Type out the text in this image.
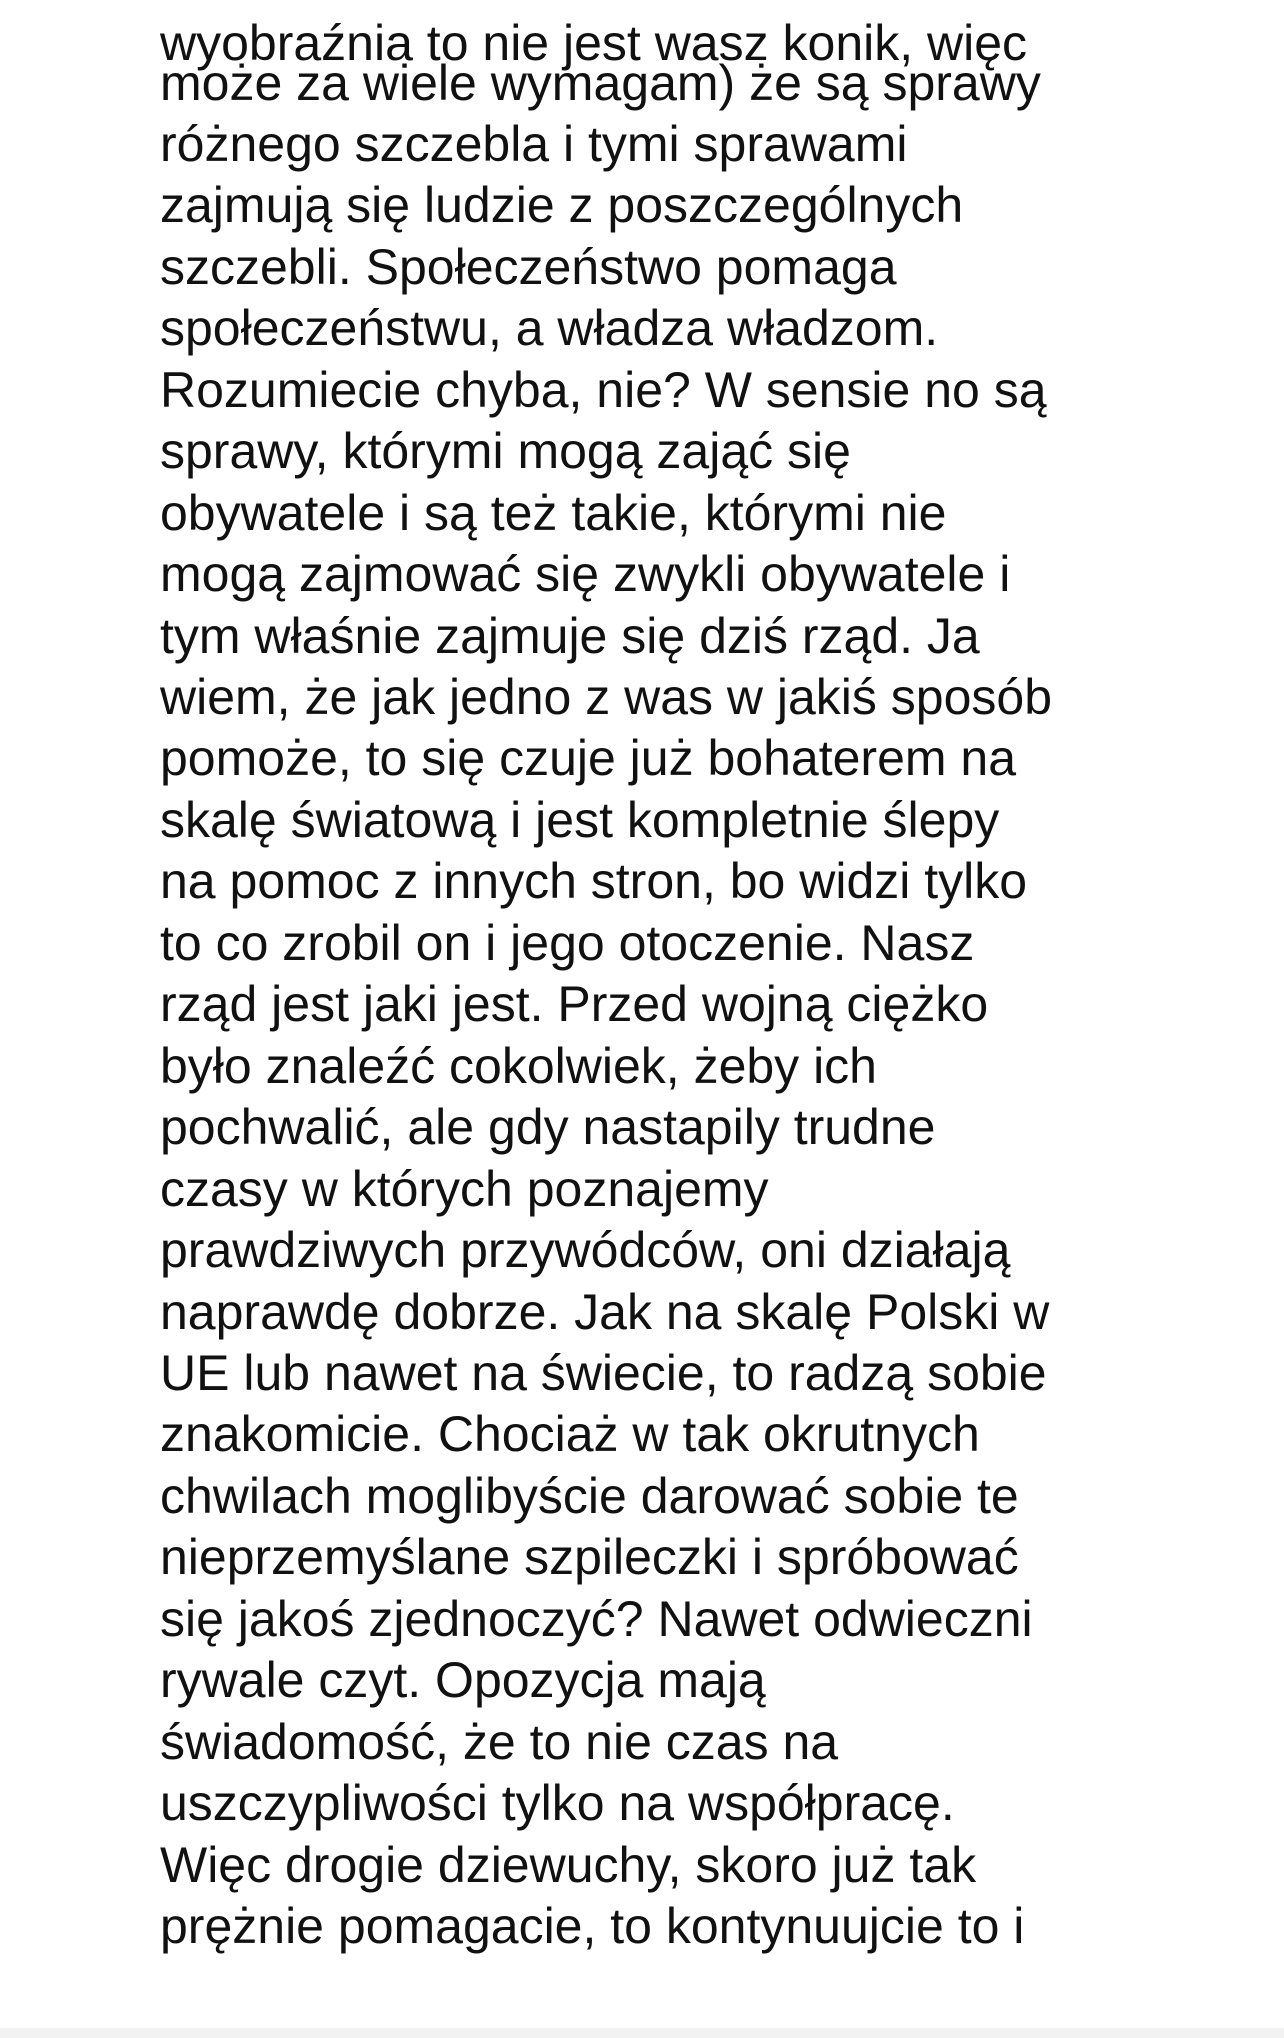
wyobraźnia to nie jest wasz konik, więc
może za wiele wymagam) że są sprawy
różnego szczebla i tymi sprawami
zajmują się ludzie z poszczególnych
szczebli. Społeczeństwo pomaga
społeczeństwu, a władza władzom.
Rozumiecie chyba, nie? W sensie no są
sprawy, którymi mogą zająć się
obywatele i są też takie, którymi nie
mogą zajmować się zwykli obywatele i
tym właśnie zajmuje się dziś rząd. Ja
wiem, że jak jedno z was w jakiś sposób
pomoże, to się czuje już bohaterem na
skalę światową i jest kompletnie ślepy
na pomoc z innych stron, bo widzi tylko
to co zrobil on i jego otoczenie. Nasz
rząd jest jaki jest. Przed wojną ciężko
było znaleźć cokolwiek, żeby ich
pochwalić, ale gdy nastapily trudne
czasy w których poznajemy
prawdziwych przywódców, oni działają
naprawdę dobrze. Jak na skalę Polski w
UE lub nawet na świecie, to radzą sobie
znakomicie. Chociaż w tak okrutnych
chwilach moglibyście darować sobie te
nieprzemyślane szpileczki i spróbować
się jakoś zjednoczyć? Nawet odwieczni
rywale czyt. Opozycja mają
świadomość, że to nie czas na
uszczypliwości tylko na współpracę.
Więc drogie dziewuchy, skoro już tak
prężnie pomagacie, to kontynuujcie to i
